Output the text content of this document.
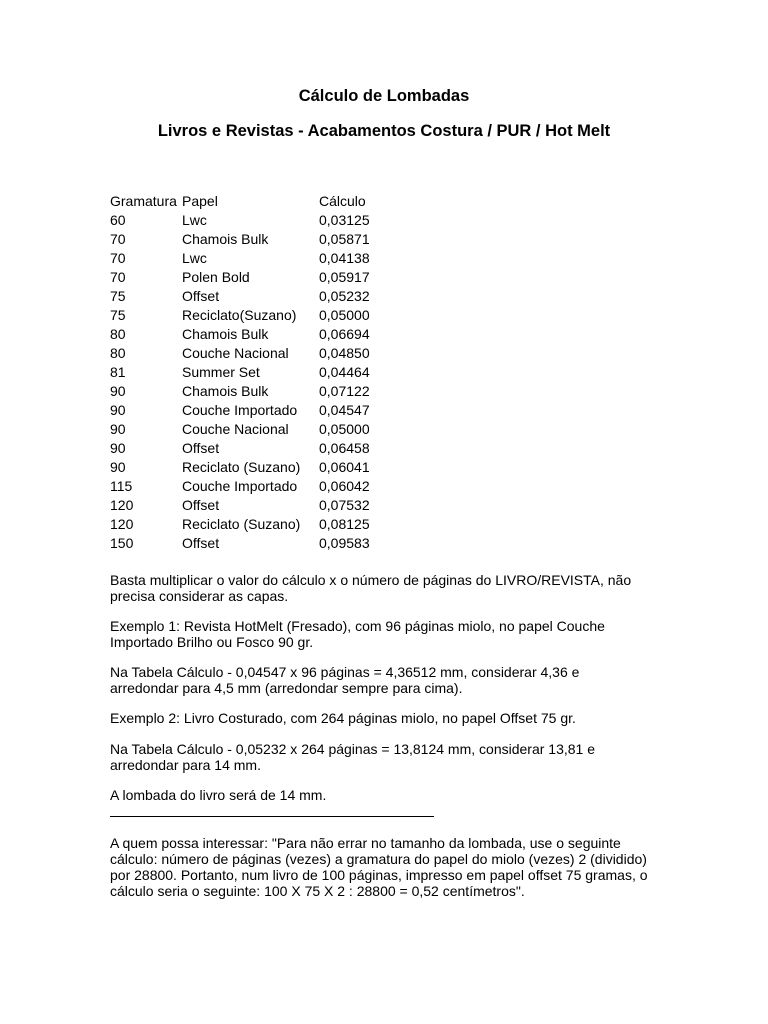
Cálculo de Lombadas
Livros e Revistas - Acabamentos Costura / PUR / Hot Melt
Gramatura Papel	Cálculo
60	Lwc	0,03125
70	Chamois Bulk	0,05871
70	Lwc	0,04138
70	Polen Bold	0,05917
75	Offset	0,05232
75	Reciclato(Suzano) 0,05000
80	Chamois Bulk	0,06694
80	Couche Nacional 0,04850
81	Summer Set	0,04464
90	Chamois Bulk	0,07122
90	Couche Importado 0,04547
90	Couche Nacional 0,05000
90	Offset	0,06458
90	Reciclato (Suzano) 0,06041
115	Couche Importado 0,06042
120	Offset	0,07532
120	Reciclato (Suzano) 0,08125
150	Offset	0,09583

Basta multiplicar o valor do cálculo x o número de páginas do LIVRO/REVISTA, não
precisa considerar as capas.

Exemplo 1: Revista HotMelt (Fresado), com 96 páginas miolo, no papel Couche
Importado Brilho ou Fosco 90 gr.

Na Tabela Cálculo - 0,04547 x 96 páginas = 4,36512 mm, considerar 4,36 e
arredondar para 4,5 mm (arredondar sempre para cima).

Exemplo 2: Livro Costurado, com 264 páginas miolo, no papel Offset 75 gr.

Na Tabela Cálculo - 0,05232 x 264 páginas = 13,8124 mm, considerar 13,81 e
arredondar para 14 mm.

A lombada do livro será de 14 mm.

A quem possa interessar: "Para não errar no tamanho da lombada, use o seguinte
cálculo: número de páginas (vezes) a gramatura do papel do miolo (vezes) 2 (dividido)
por 28800. Portanto, num livro de 100 páginas, impresso em papel offset 75 gramas, o
cálculo seria o seguinte: 100 X 75 X 2 : 28800 = 0,52 centímetros".
